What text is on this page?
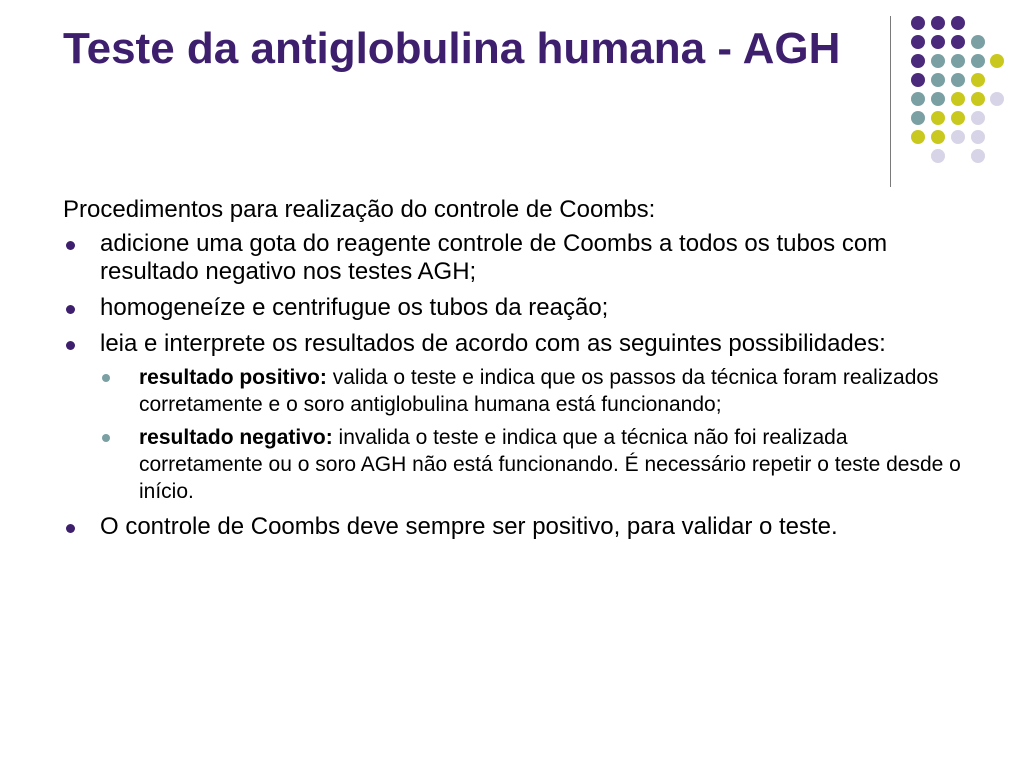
Teste da antiglobulina humana - AGH

Procedimentos para realização do controle de Coombs:

adicione uma gota do reagente controle de Coombs a todos os tubos com resultado negativo nos testes AGH;
homogeneíze e centrifugue os tubos da reação;
leia e interprete os resultados de acordo com as seguintes possibilidades:
resultado positivo: valida o teste e indica que os passos da técnica foram realizados corretamente e o soro antiglobulina humana está funcionando;
resultado negativo: invalida o teste e indica que a técnica não foi realizada corretamente ou o soro AGH não está funcionando. É necessário repetir o teste desde o início.
O controle de Coombs deve sempre ser positivo, para validar o teste.
